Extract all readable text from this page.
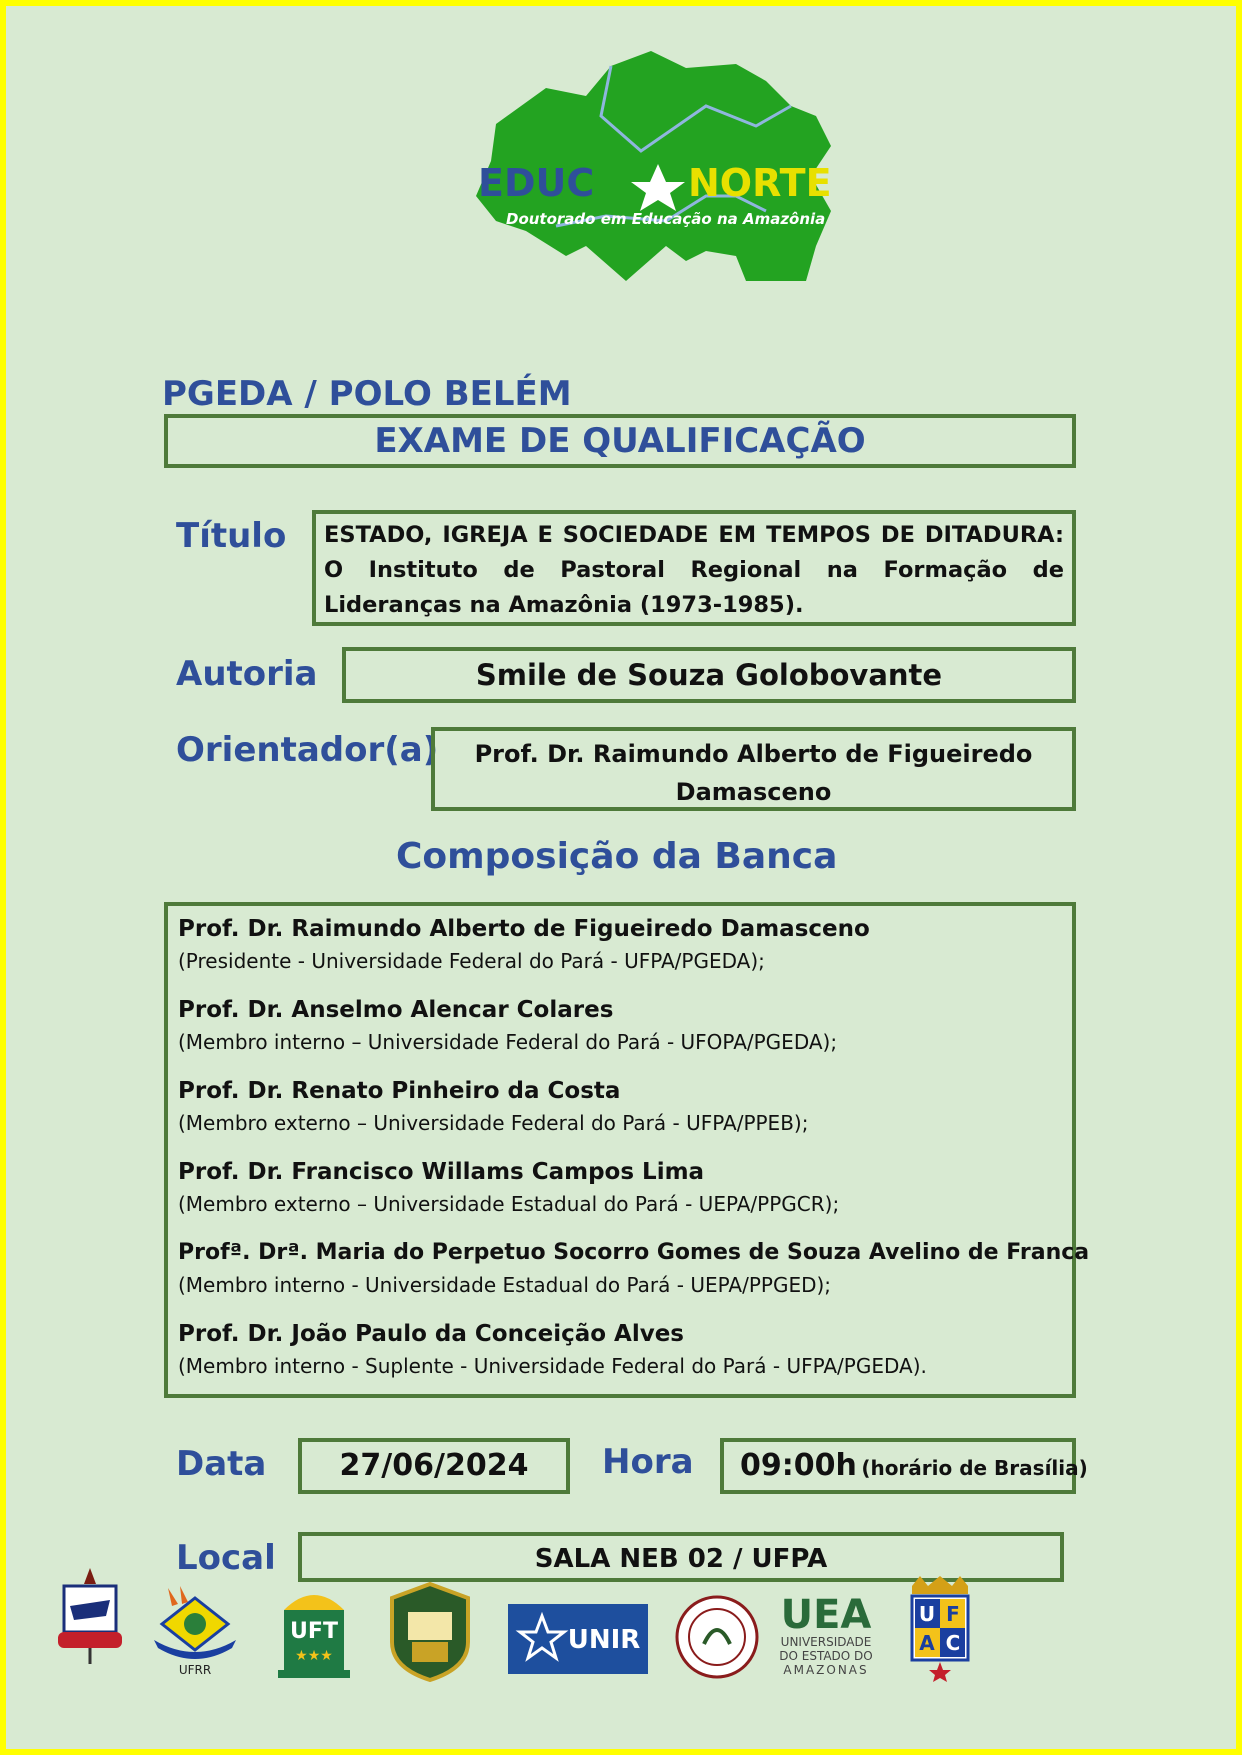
EDUC NORTE
Doutorado em Educação na Amazônia
PGEDA / POLO BELÉM
EXAME DE QUALIFICAÇÃO
Título ESTADO, IGREJA E SOCIEDADE EM TEMPOS DE DITADURA: O Instituto de Pastoral Regional na Formação de Lideranças na Amazônia (1973-1985).
Autoria	Smile de Souza Golobovante
Orientador(a)	Prof. Dr. Raimundo Alberto de Figueiredo Damasceno
Composição da Banca
Prof. Dr. Raimundo Alberto de Figueiredo Damasceno
(Presidente - Universidade Federal do Pará - UFPA/PGEDA);
Prof. Dr. Anselmo Alencar Colares
(Membro interno – Universidade Federal do Pará - UFOPA/PGEDA);
Prof. Dr. Renato Pinheiro da Costa
(Membro externo – Universidade Federal do Pará - UFPA/PPEB);
Prof. Dr. Francisco Willams Campos Lima
(Membro externo – Universidade Estadual do Pará - UEPA/PPGCR);
Profª. Drª. Maria do Perpetuo Socorro Gomes de Souza Avelino de Franca
(Membro interno - Universidade Estadual do Pará - UEPA/PPGED);
Prof. Dr. João Paulo da Conceição Alves
(Membro interno - Suplente - Universidade Federal do Pará - UFPA/PGEDA).
Data	27/06/2024	Hora	09:00h (horário de Brasília)
Local	SALA NEB 02 / UFPA
UFRR
UFT
★★★
UNIR
UEA
UNIVERSIDADE
DO ESTADO DO
AMAZONAS
U F
A C
